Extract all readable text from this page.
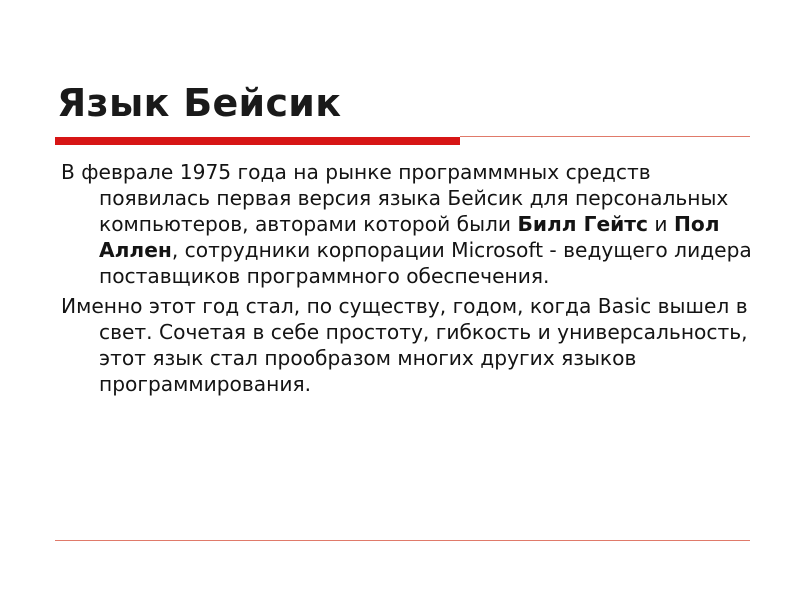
Язык Бейсик

В феврале 1975 года на рынке программмных средств появилась первая версия языка Бейсик для персональных компьютеров, авторами которой были Билл Гейтс и Пол Аллен, сотрудники корпорации Microsoft - ведущего лидера поставщиков программного обеспечения.

Именно этот год стал, по существу, годом, когда Basic вышел в свет. Сочетая в себе простоту, гибкость и универсальность, этот язык стал прообразом многих других языков программирования.
